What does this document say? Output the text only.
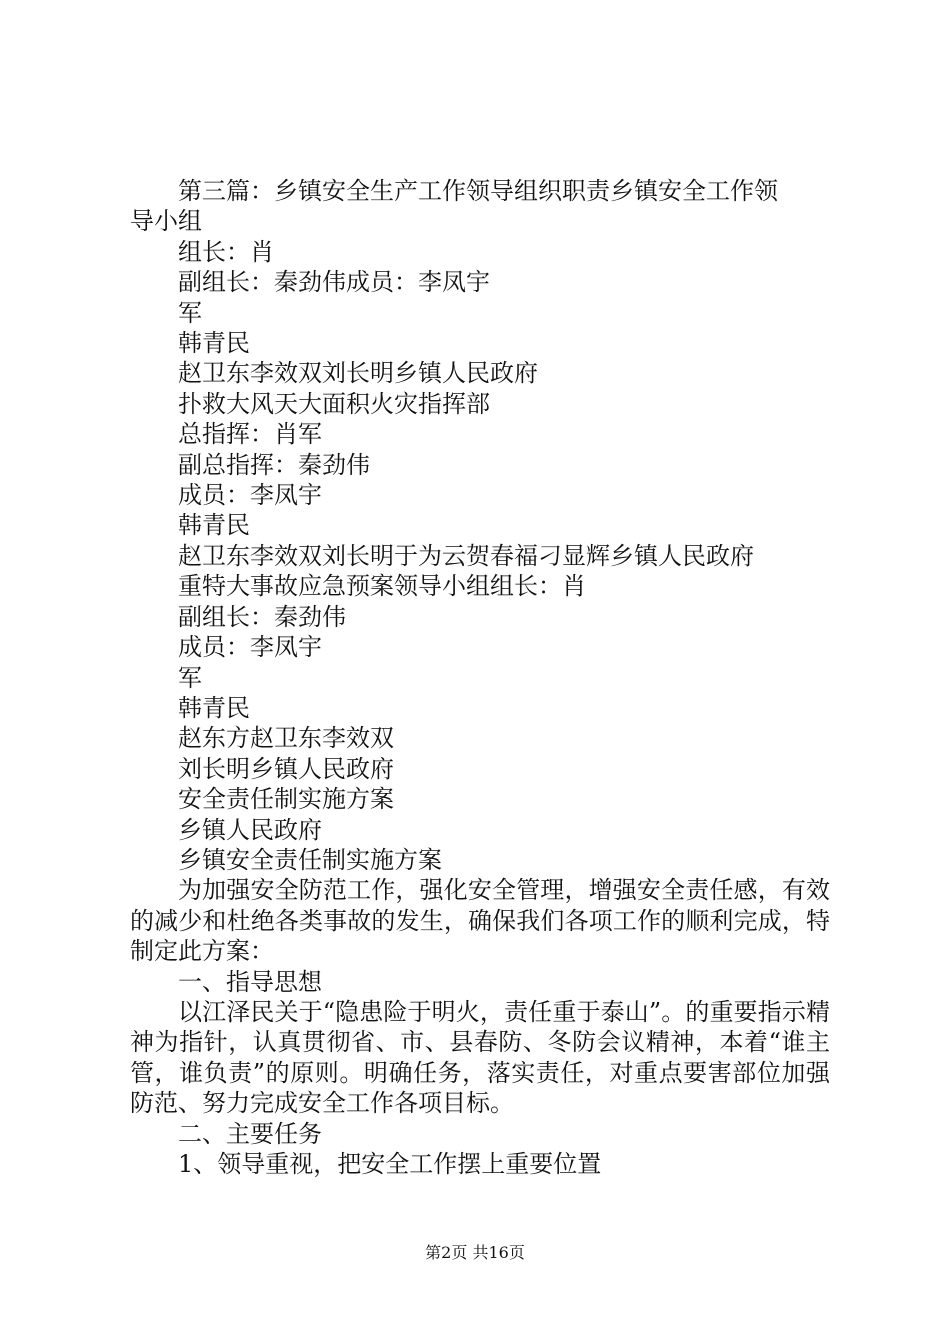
第三篇：乡镇安全生产工作领导组织职责乡镇安全工作领
导小组
组长：肖
副组长：秦劲伟成员：李凤宇
军
韩青民
赵卫东李效双刘长明乡镇人民政府
扑救大风天大面积火灾指挥部
总指挥：肖军
副总指挥：秦劲伟
成员：李凤宇
韩青民
赵卫东李效双刘长明于为云贺春福刁显辉乡镇人民政府
重特大事故应急预案领导小组组长：肖
副组长：秦劲伟
成员：李凤宇
军
韩青民
赵东方赵卫东李效双
刘长明乡镇人民政府
安全责任制实施方案
乡镇人民政府
乡镇安全责任制实施方案

为加强安全防范工作，强化安全管理，增强安全责任感，有效的减少和杜绝各类事故的发生，确保我们各项工作的顺利完成，特制定此方案：

一、指导思想

以江泽民关于“隐患险于明火，责任重于泰山”。的重要指示精神为指针，认真贯彻省、市、县春防、冬防会议精神，本着“谁主管，谁负责”的原则。明确任务，落实责任，对重点要害部位加强防范、努力完成安全工作各项目标。

二、主要任务
1、领导重视，把安全工作摆上重要位置
第2页 共16页
